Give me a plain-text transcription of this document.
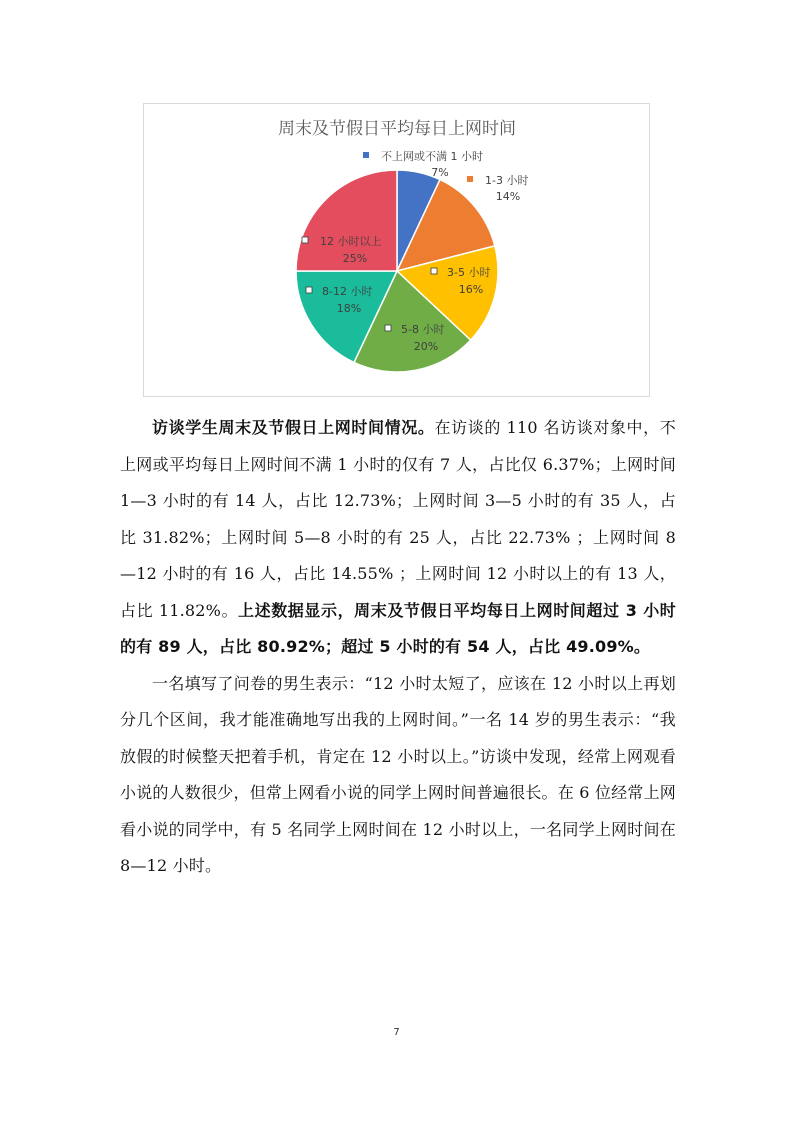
周末及节假日平均每日上网时间
不上网或不满 1 小时
7%
1-3 小时
14%
3-5 小时
16%
5-8 小时
20%
8-12 小时
18%
12 小时以上
25%

访谈学生周末及节假日上网时间情况。在访谈的 110 名访谈对象中，不上网或平均每日上网时间不满 1 小时的仅有 7 人，占比仅 6.37%；上网时间 1—3 小时的有 14 人，占比 12.73%；上网时间 3—5 小时的有 35 人，占比 31.82%；上网时间 5—8 小时的有 25 人，占比 22.73% ；上网时间 8—12 小时的有 16 人，占比 14.55% ；上网时间 12 小时以上的有 13 人，占比 11.82%。上述数据显示，周末及节假日平均每日上网时间超过 3 小时的有 89 人，占比 80.92%；超过 5 小时的有 54 人，占比 49.09%。

一名填写了问卷的男生表示：“12 小时太短了，应该在 12 小时以上再划分几个区间，我才能准确地写出我的上网时间。”一名 14 岁的男生表示：“我放假的时候整天把着手机，肯定在 12 小时以上。”访谈中发现，经常上网观看小说的人数很少，但常上网看小说的同学上网时间普遍很长。在 6 位经常上网看小说的同学中，有 5 名同学上网时间在 12 小时以上，一名同学上网时间在 8—12 小时。

7
